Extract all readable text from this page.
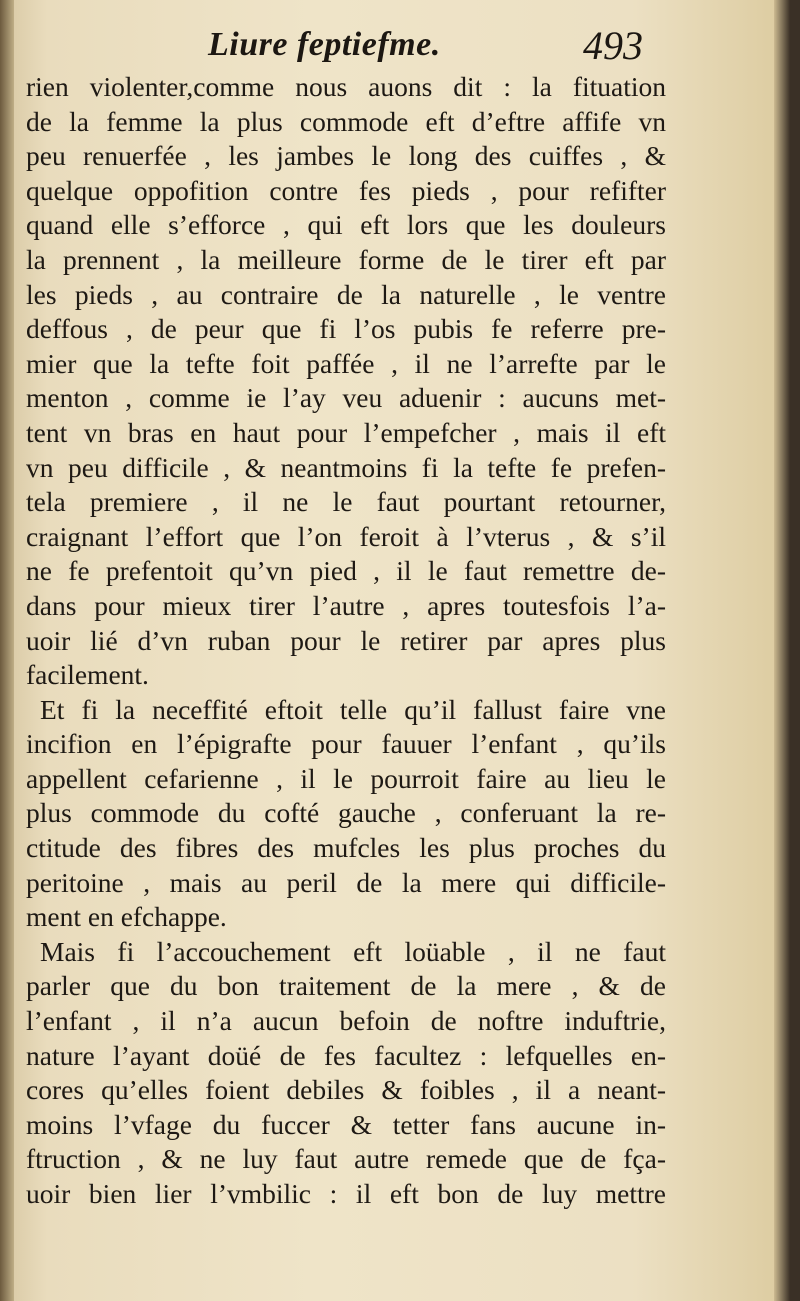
Liure feptiefme.	493
rien violenter,comme nous auons dit : la fituation
de la femme la plus commode eft d’eftre affife vn
peu renuerfée , les jambes le long des cuiffes , &
quelque oppofition contre fes pieds , pour refifter
quand elle s’efforce , qui eft lors que les douleurs
la prennent , la meilleure forme de le tirer eft par
les pieds , au contraire de la naturelle , le ventre
deffous , de peur que fi l’os pubis fe referre pre-
mier que la tefte foit paffée , il ne l’arrefte par le
menton , comme ie l’ay veu aduenir : aucuns met-
tent vn bras en haut pour l’empefcher , mais il eft
vn peu difficile , & neantmoins fi la tefte fe prefen-
tela premiere , il ne le faut pourtant retourner,
craignant l’effort que l’on feroit à l’vterus , & s’il
ne fe prefentoit qu’vn pied , il le faut remettre de-
dans pour mieux tirer l’autre , apres toutesfois l’a-
uoir lié d’vn ruban pour le retirer par apres plus
facilement.
Et fi la neceffité eftoit telle qu’il fallust faire vne
incifion en l’épigrafte pour fauuer l’enfant , qu’ils
appellent cefarienne , il le pourroit faire au lieu le
plus commode du cofté gauche , conferuant la re-
ctitude des fibres des mufcles les plus proches du
peritoine , mais au peril de la mere qui difficile-
ment en efchappe.
Mais fi l’accouchement eft loüable , il ne faut
parler que du bon traitement de la mere , & de
l’enfant , il n’a aucun befoin de noftre induftrie,
nature l’ayant doüé de fes facultez : lefquelles en-
cores qu’elles foient debiles & foibles , il a neant-
moins l’vfage du fuccer & tetter fans aucune in-
ftruction , & ne luy faut autre remede que de fça-
uoir bien lier l’vmbilic : il eft bon de luy mettre
